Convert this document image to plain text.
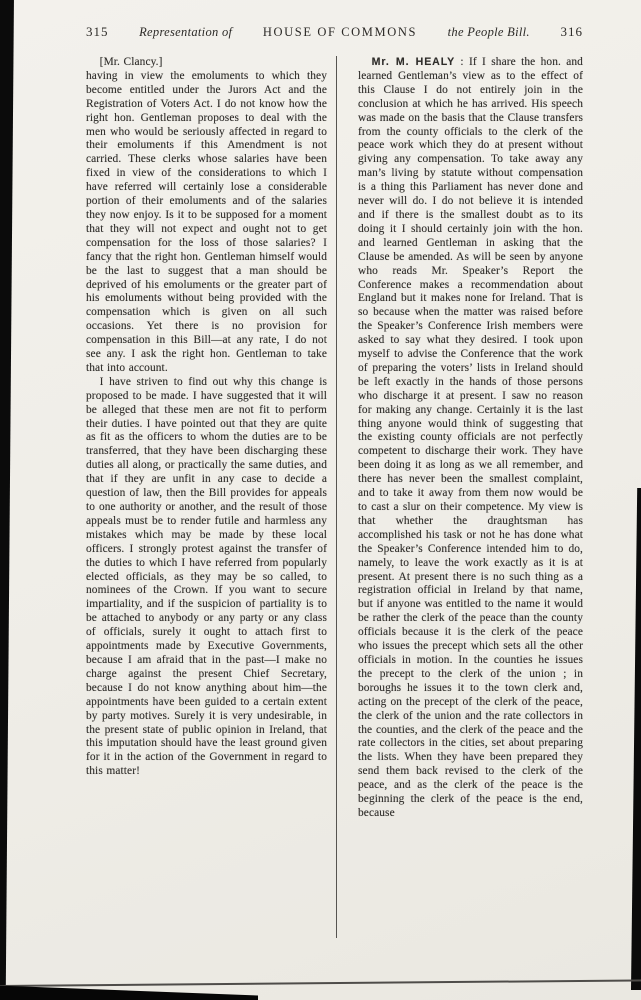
315 Representation of HOUSE OF COMMONS the People Bill. 316

[Mr. Clancy.]

having in view the emoluments to which they become entitled under the Jurors Act and the Registration of Voters Act. I do not know how the right hon. Gentleman proposes to deal with the men who would be seriously affected in regard to their emoluments if this Amendment is not carried. These clerks whose salaries have been fixed in view of the considerations to which I have referred will certainly lose a considerable portion of their emoluments and of the salaries they now enjoy. Is it to be supposed for a moment that they will not expect and ought not to get compensation for the loss of those salaries? I fancy that the right hon. Gentleman himself would be the last to suggest that a man should be deprived of his emoluments or the greater part of his emoluments without being provided with the compensation which is given on all such occasions. Yet there is no provision for compensation in this Bill—at any rate, I do not see any. I ask the right hon. Gentleman to take that into account.

I have striven to find out why this change is proposed to be made. I have suggested that it will be alleged that these men are not fit to perform their duties. I have pointed out that they are quite as fit as the officers to whom the duties are to be transferred, that they have been discharging these duties all along, or practically the same duties, and that if they are unfit in any case to decide a question of law, then the Bill provides for appeals to one authority or another, and the result of those appeals must be to render futile and harmless any mistakes which may be made by these local officers. I strongly protest against the transfer of the duties to which I have referred from popularly elected officials, as they may be so called, to nominees of the Crown. If you want to secure impartiality, and if the suspicion of partiality is to be attached to anybody or any party or any class of officials, surely it ought to attach first to appointments made by Executive Governments, because I am afraid that in the past—I make no charge against the present Chief Secretary, because I do not know anything about him—the appointments have been guided to a certain extent by party motives. Surely it is very undesirable, in the present state of public opinion in Ireland, that this imputation should have the least ground given for it in the action of the Government in regard to this matter!

Mr. M. HEALY : If I share the hon. and learned Gentleman’s view as to the effect of this Clause I do not entirely join in the conclusion at which he has arrived. His speech was made on the basis that the Clause transfers from the county officials to the clerk of the peace work which they do at present without giving any compensation. To take away any man’s living by statute without compensation is a thing this Parliament has never done and never will do. I do not believe it is intended and if there is the smallest doubt as to its doing it I should certainly join with the hon. and learned Gentleman in asking that the Clause be amended. As will be seen by anyone who reads Mr. Speaker’s Report the Conference makes a recommendation about England but it makes none for Ireland. That is so because when the matter was raised before the Speaker’s Conference Irish members were asked to say what they desired. I took upon myself to advise the Conference that the work of preparing the voters’ lists in Ireland should be left exactly in the hands of those persons who discharge it at present. I saw no reason for making any change. Certainly it is the last thing anyone would think of suggesting that the existing county officials are not perfectly competent to discharge their work. They have been doing it as long as we all remember, and there has never been the smallest complaint, and to take it away from them now would be to cast a slur on their competence. My view is that whether the draughtsman has accomplished his task or not he has done what the Speaker’s Conference intended him to do, namely, to leave the work exactly as it is at present. At present there is no such thing as a registration official in Ireland by that name, but if anyone was entitled to the name it would be rather the clerk of the peace than the county officials because it is the clerk of the peace who issues the precept which sets all the other officials in motion. In the counties he issues the precept to the clerk of the union ; in boroughs he issues it to the town clerk and, acting on the precept of the clerk of the peace, the clerk of the union and the rate collectors in the counties, and the clerk of the peace and the rate collectors in the cities, set about preparing the lists. When they have been prepared they send them back revised to the clerk of the peace, and as the clerk of the peace is the beginning the clerk of the peace is the end, because
